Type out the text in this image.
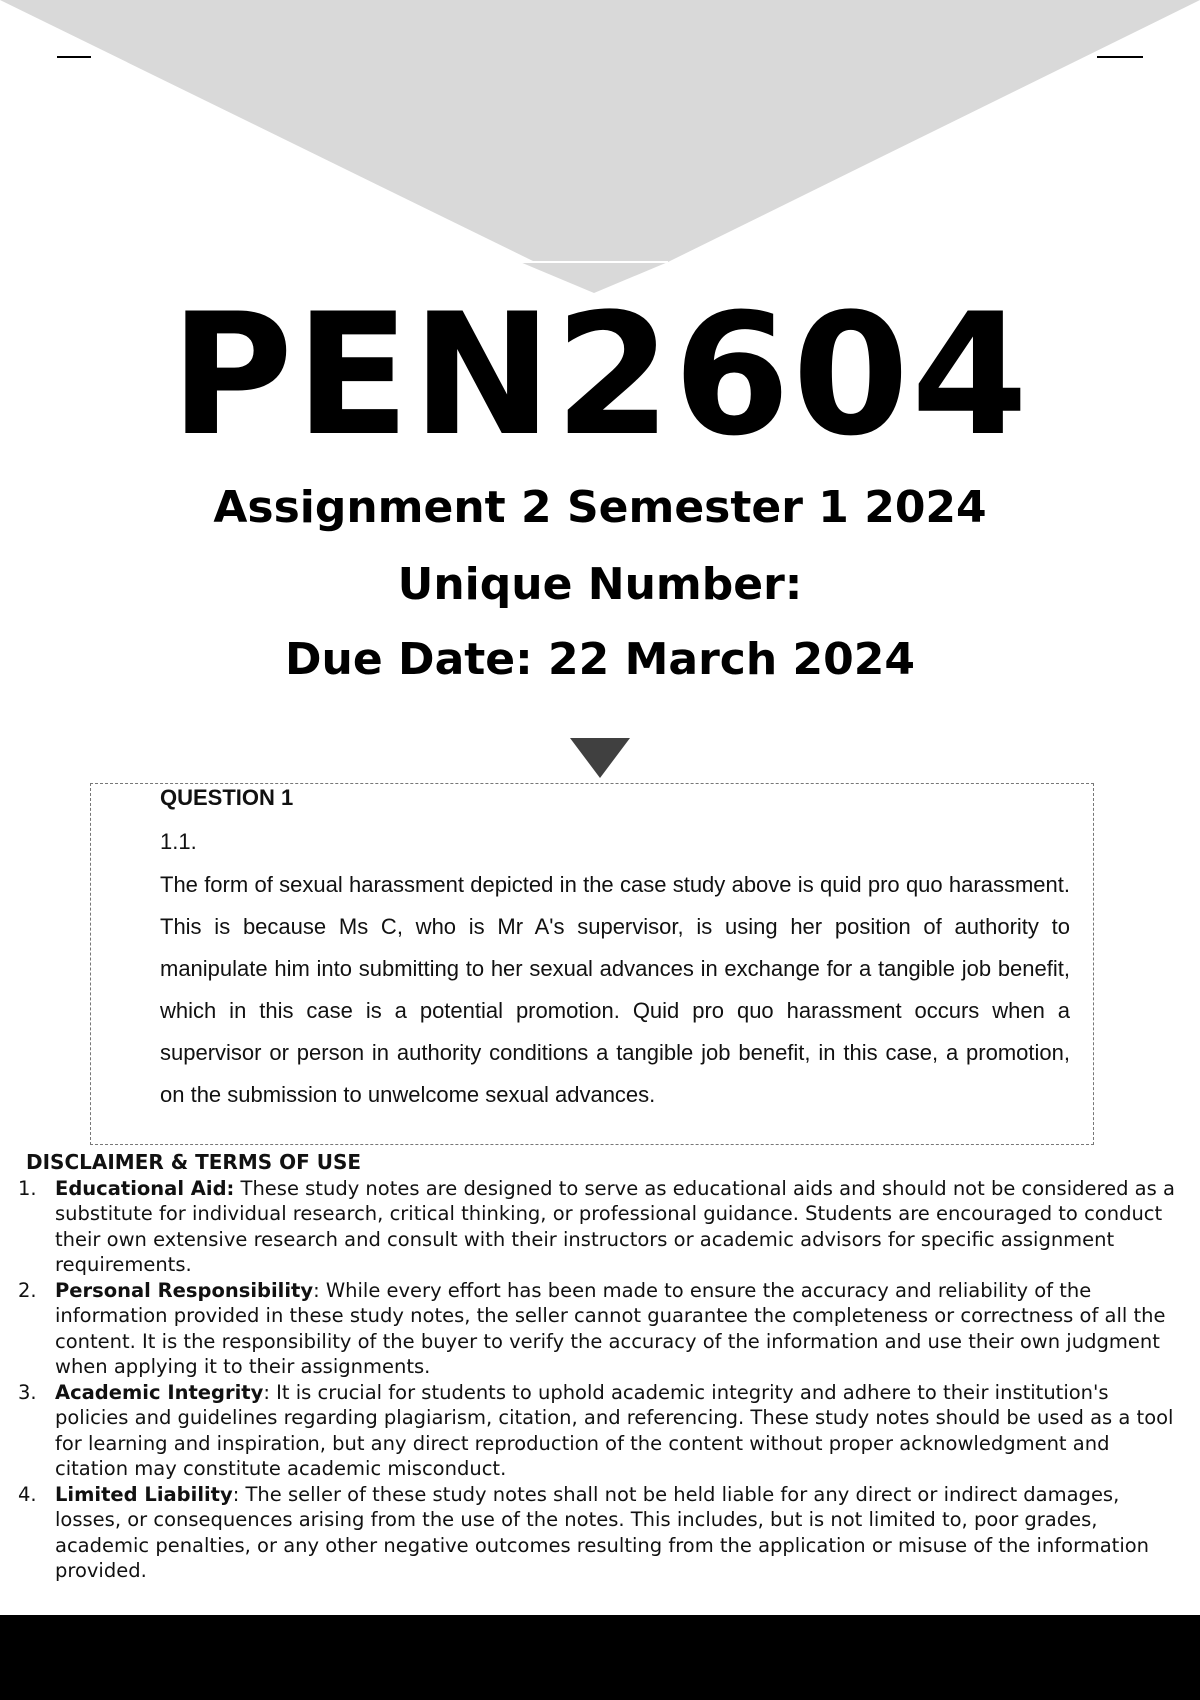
PEN2604
Assignment 2 Semester 1 2024
Unique Number:
Due Date: 22 March 2024

QUESTION 1

1.1.

The form of sexual harassment depicted in the case study above is quid pro quo harassment. This is because Ms C, who is Mr A's supervisor, is using her position of authority to manipulate him into submitting to her sexual advances in exchange for a tangible job benefit, which in this case is a potential promotion. Quid pro quo harassment occurs when a supervisor or person in authority conditions a tangible job benefit, in this case, a promotion, on the submission to unwelcome sexual advances.

DISCLAIMER & TERMS OF USE

1. Educational Aid: These study notes are designed to serve as educational aids and should not be considered as a substitute for individual research, critical thinking, or professional guidance. Students are encouraged to conduct their own extensive research and consult with their instructors or academic advisors for specific assignment requirements.
2. Personal Responsibility: While every effort has been made to ensure the accuracy and reliability of the information provided in these study notes, the seller cannot guarantee the completeness or correctness of all the content. It is the responsibility of the buyer to verify the accuracy of the information and use their own judgment when applying it to their assignments.
3. Academic Integrity: It is crucial for students to uphold academic integrity and adhere to their institution's policies and guidelines regarding plagiarism, citation, and referencing. These study notes should be used as a tool for learning and inspiration, but any direct reproduction of the content without proper acknowledgment and citation may constitute academic misconduct.
4. Limited Liability: The seller of these study notes shall not be held liable for any direct or indirect damages, losses, or consequences arising from the use of the notes. This includes, but is not limited to, poor grades, academic penalties, or any other negative outcomes resulting from the application or misuse of the information provided.
